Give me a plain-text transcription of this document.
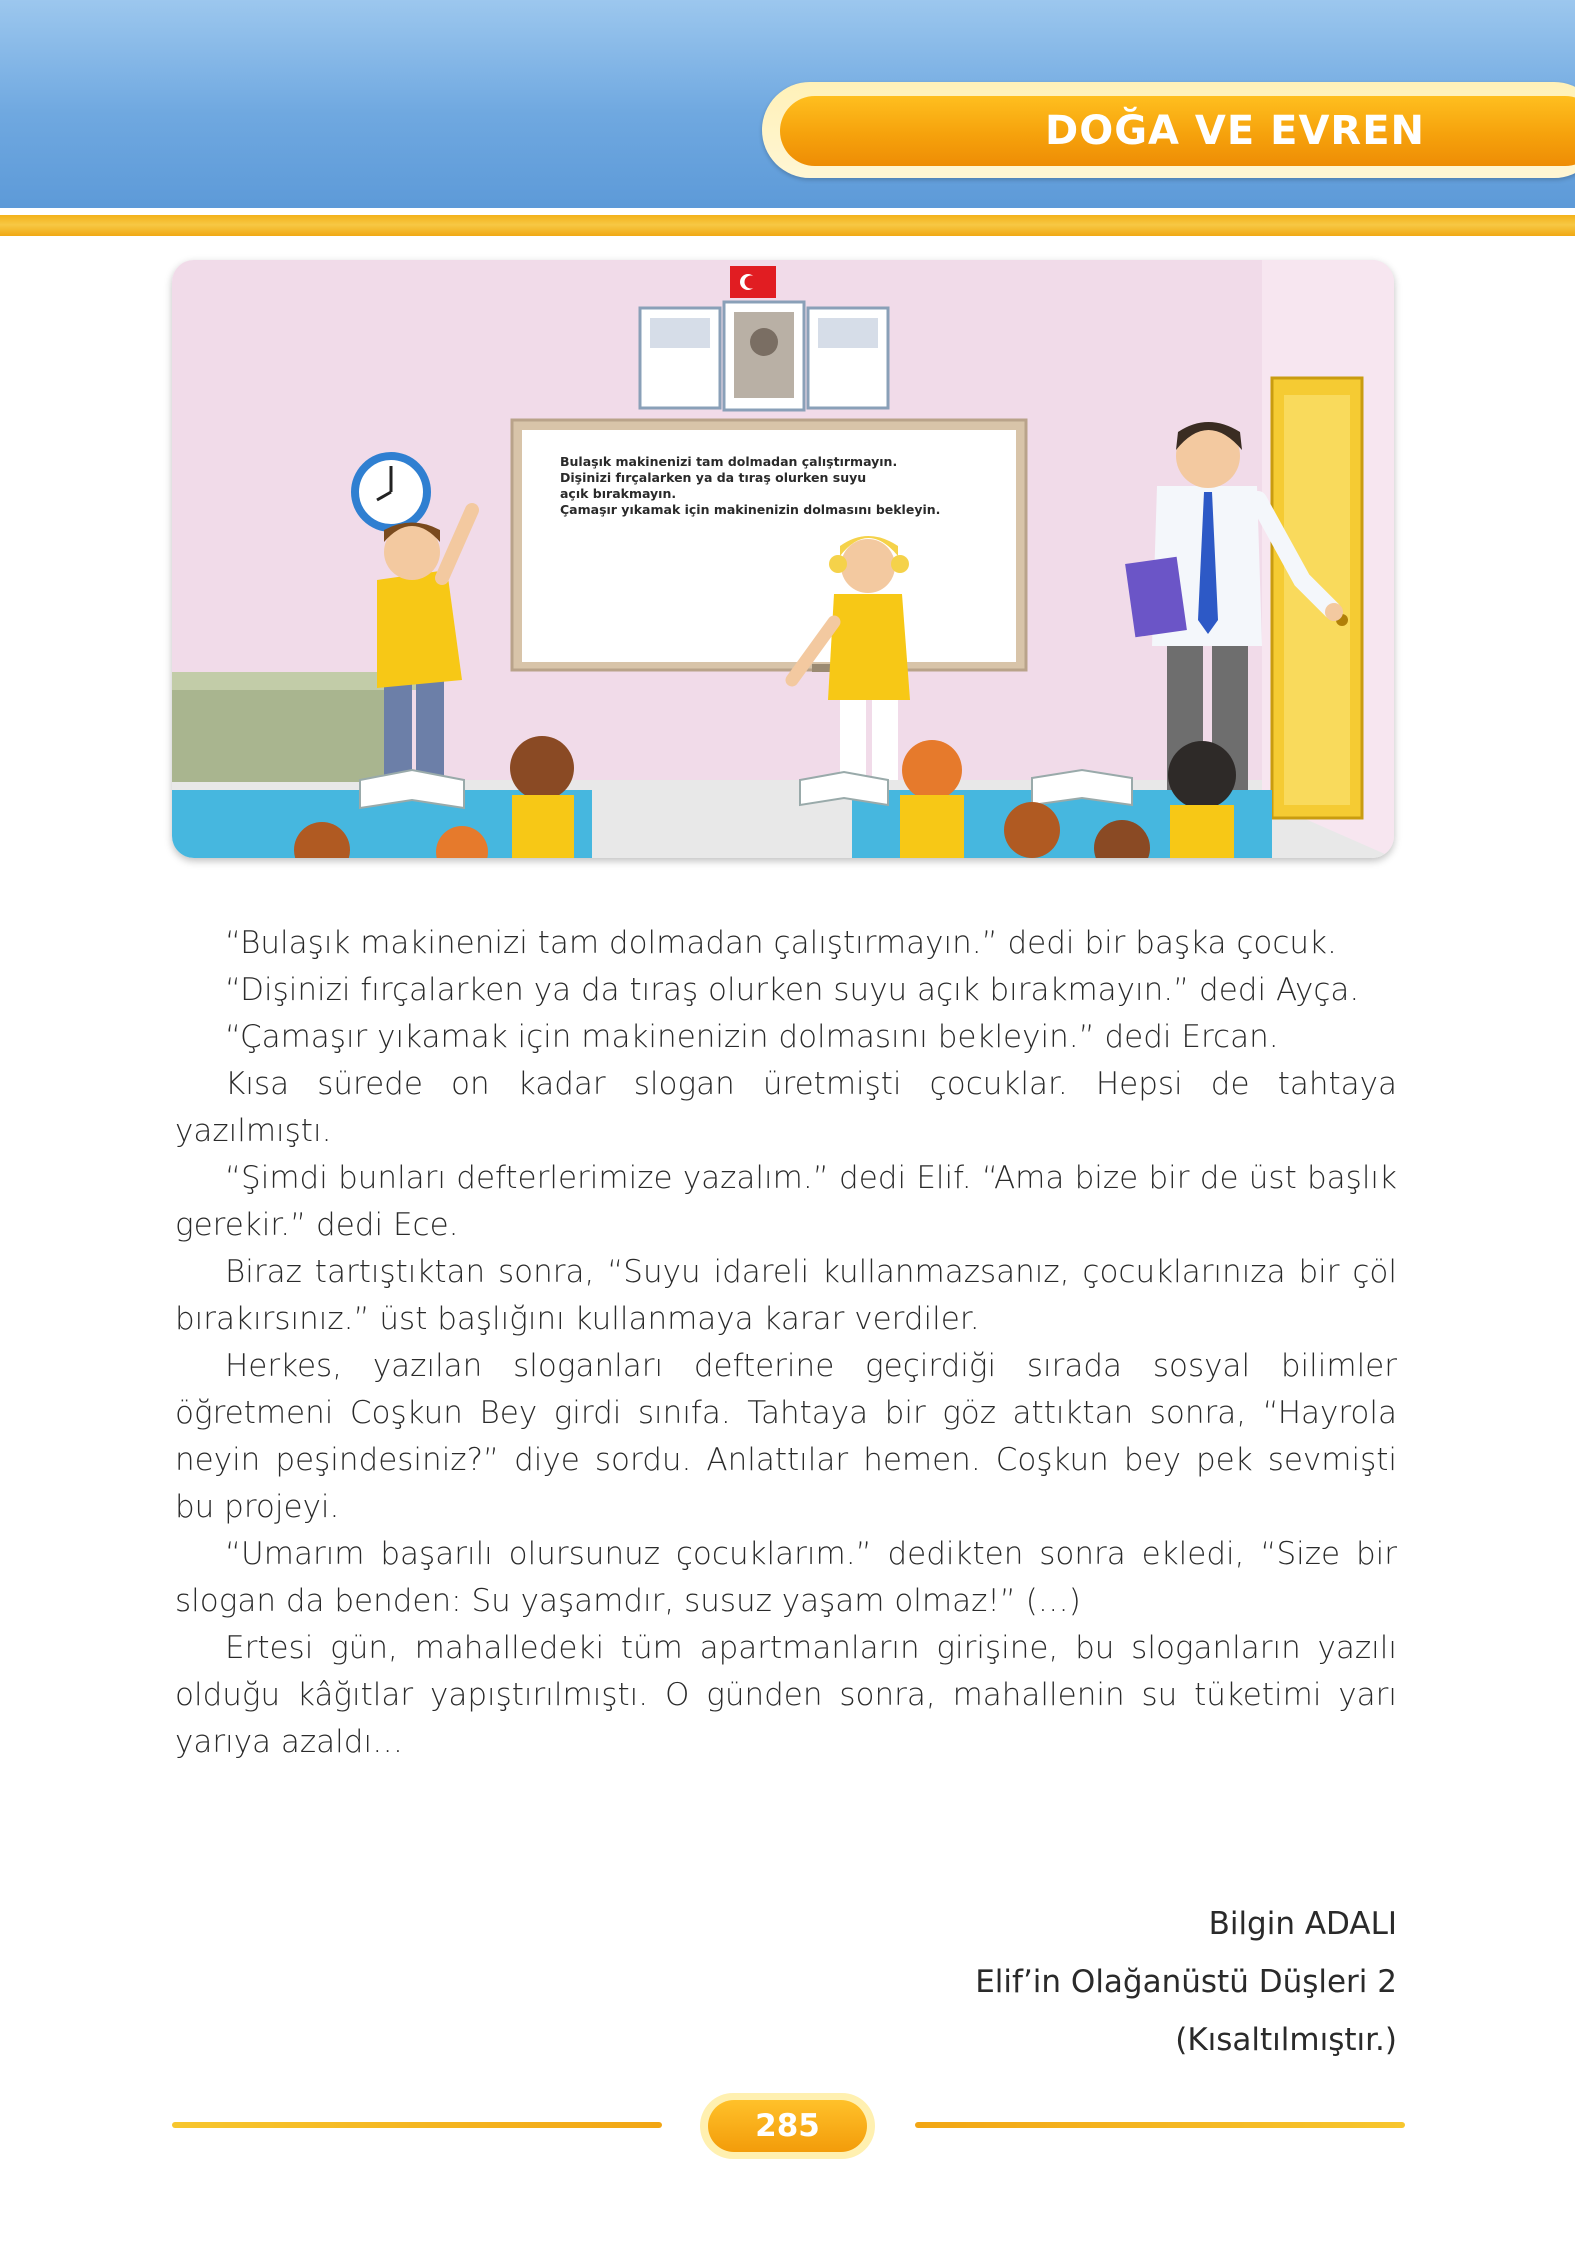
DOĞA VE EVREN
Bulaşık makinenizi tam dolmadan çalıştırmayın.
Dişinizi fırçalarken ya da tıraş olurken suyu
açık bırakmayın.
Çamaşır yıkamak için makinenizin dolmasını bekleyin.

“Bulaşık makinenizi tam dolmadan çalıştırmayın.” dedi bir başka çocuk.

“Dişinizi fırçalarken ya da tıraş olurken suyu açık bırakmayın.” dedi Ayça.

“Çamaşır yıkamak için makinenizin dolmasını bekleyin.” dedi Ercan.

Kısa sürede on kadar slogan üretmişti çocuklar. Hepsi de tahtaya yazılmıştı.

“Şimdi bunları defterlerimize yazalım.” dedi Elif. “Ama bize bir de üst başlık gerekir.” dedi Ece.

Biraz tartıştıktan sonra, “Suyu idareli kullanmazsanız, çocuklarınıza bir çöl bırakırsınız.” üst başlığını kullanmaya karar verdiler.

Herkes, yazılan sloganları defterine geçirdiği sırada sosyal bilimler öğretmeni Coşkun Bey girdi sınıfa. Tahtaya bir göz attıktan sonra, “Hayrola neyin peşindesiniz?” diye sordu. Anlattılar hemen. Coşkun bey pek sevmişti bu projeyi.

“Umarım başarılı olursunuz çocuklarım.” dedikten sonra ekledi, “Size bir slogan da benden: Su yaşamdır, susuz yaşam olmaz!” (…)

Ertesi gün, mahalledeki tüm apartmanların girişine, bu sloganların yazılı olduğu kâğıtlar yapıştırılmıştı. O günden sonra, mahallenin su tüketimi yarı yarıya azaldı…

Bilgin ADALI
Elif’in Olağanüstü Düşleri 2
(Kısaltılmıştır.)
285
